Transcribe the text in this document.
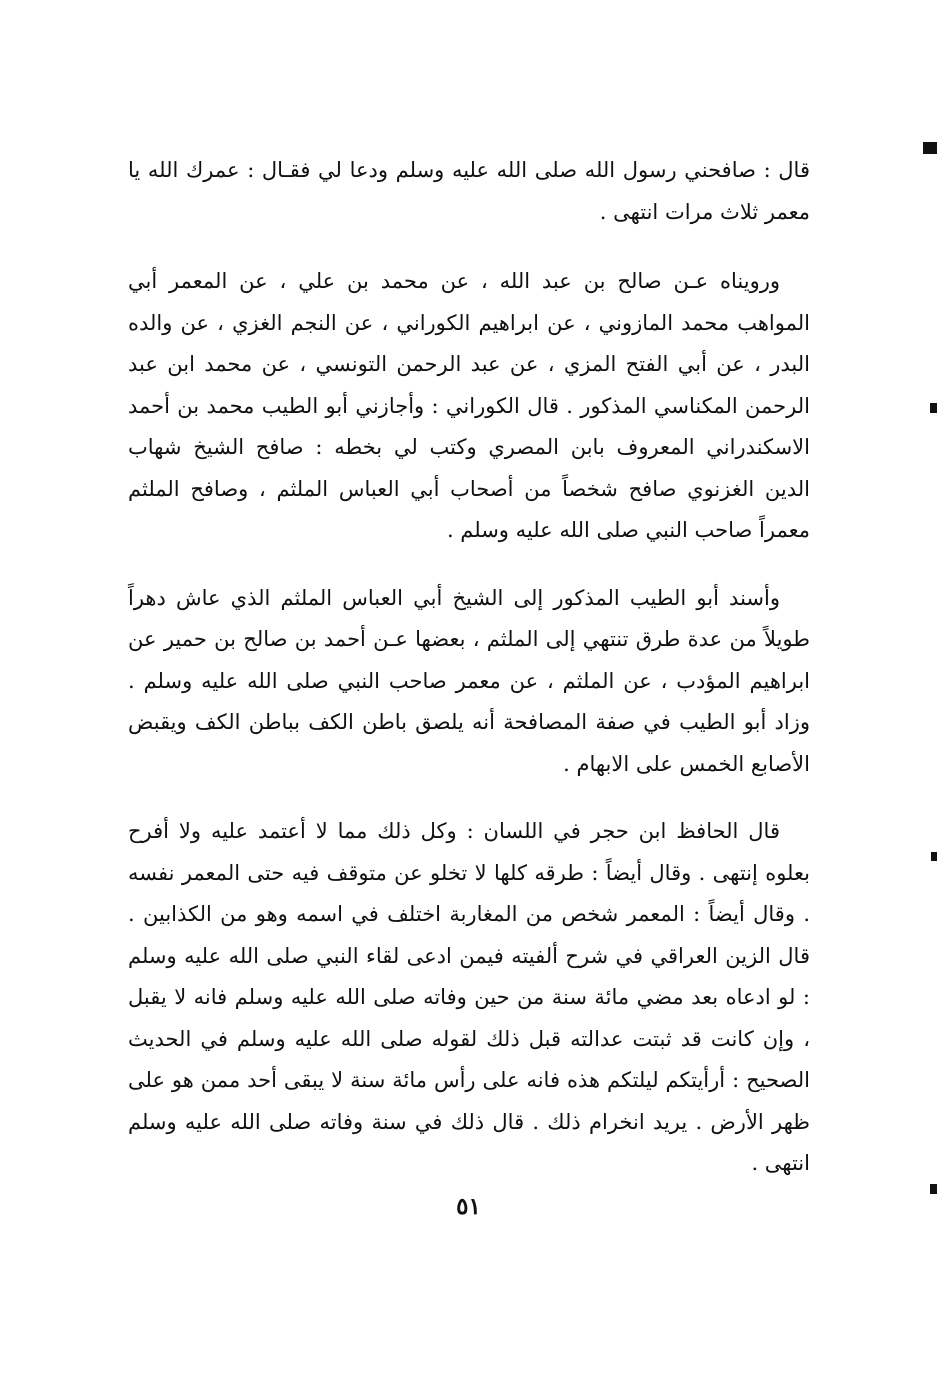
قال : صافحني رسول الله صلى الله عليه وسلم ودعا لي فقـال : عمرك الله يا معمر ثلاث مرات انتهى .

ورويناه عـن صالح بن عبد الله ، عن محمد بن علي ، عن المعمر أبي المواهب محمد المازوني ، عن ابراهيم الكوراني ، عن النجم الغزي ، عن والده البدر ، عن أبي الفتح المزي ، عن عبد الرحمن التونسي ، عن محمد ابن عبد الرحمن المكناسي المذكور . قال الكوراني : وأجازني أبو الطيب محمد بن أحمد الاسكندراني المعروف بابن المصري وكتب لي بخطه : صافح الشيخ شهاب الدين الغزنوي صافح شخصاً من أصحاب أبي العباس الملثم ، وصافح الملثم معمراً صاحب النبي صلى الله عليه وسلم .

وأسند أبو الطيب المذكور إلى الشيخ أبي العباس الملثم الذي عاش دهراً طويلاً من عدة طرق تنتهي إلى الملثم ، بعضها عـن أحمد بن صالح بن حمير عن ابراهيم المؤدب ، عن الملثم ، عن معمر صاحب النبي صلى الله عليه وسلم . وزاد أبو الطيب في صفة المصافحة أنه يلصق باطن الكف بباطن الكف ويقبض الأصابع الخمس على الابهام .

قال الحافظ ابن حجر في اللسان : وكل ذلك مما لا أعتمد عليه ولا أفرح بعلوه إنتهى . وقال أيضاً : طرقه كلها لا تخلو عن متوقف فيه حتى المعمر نفسه . وقال أيضاً : المعمر شخص من المغاربة اختلف في اسمه وهو من الكذابين . قال الزين العراقي في شرح ألفيته فيمن ادعى لقاء النبي صلى الله عليه وسلم : لو ادعاه بعد مضي مائة سنة من حين وفاته صلى الله عليه وسلم فانه لا يقبل ، وإن كانت قد ثبتت عدالته قبل ذلك لقوله صلى الله عليه وسلم في الحديث الصحيح : أرأيتكم ليلتكم هذه فانه على رأس مائة سنة لا يبقى أحد ممن هو على ظهر الأرض . يريد انخرام ذلك . قال ذلك في سنة وفاته صلى الله عليه وسلم انتهى .

٥١
